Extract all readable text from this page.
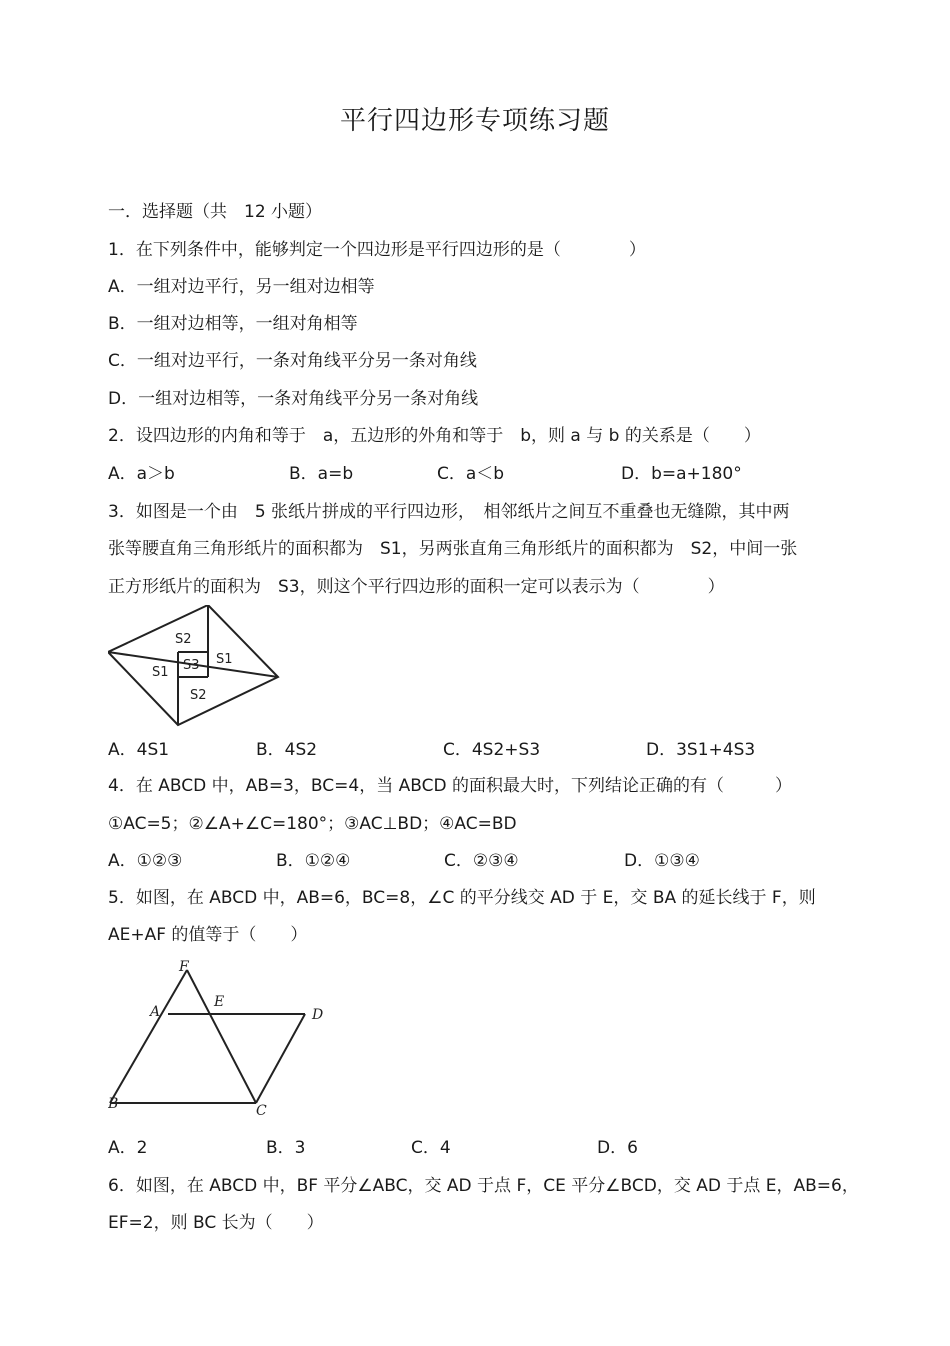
平行四边形专项练习题
一．选择题（共　12 小题）
1．在下列条件中，能够判定一个四边形是平行四边形的是（　　　　）
A．一组对边平行，另一组对边相等
B．一组对边相等，一组对角相等
C．一组对边平行，一条对角线平分另一条对角线
D．一组对边相等，一条对角线平分另一条对角线
2．设四边形的内角和等于　a，五边形的外角和等于　b，则 a 与 b 的关系是（　　）
A．a＞b	B．a=b	C．a＜b	D．b=a+180°
3．如图是一个由　5 张纸片拼成的平行四边形，　相邻纸片之间互不重叠也无缝隙，其中两
张等腰直角三角形纸片的面积都为　S1，另两张直角三角形纸片的面积都为　S2，中间一张
正方形纸片的面积为　S3，则这个平行四边形的面积一定可以表示为（　　　　）
S2
S3 S1
S1
S2
A．4S1	B．4S2	C．4S2+S3	D．3S1+4S3
4．在 ABCD 中，AB=3，BC=4，当 ABCD 的面积最大时，下列结论正确的有（　　　）
①AC=5；②∠A+∠C=180°；③AC⊥BD；④AC=BD
A．①②③	B．①②④	C．②③④	D．①③④
5．如图，在 ABCD 中，AB=6，BC=8，∠C 的平分线交 AD 于 E，交 BA 的延长线于 F，则
AE+AF 的值等于（　　）
F
A
E
D
B	C
A．2	B．3	C．4	D．6
6．如图，在 ABCD 中，BF 平分∠ABC，交 AD 于点 F，CE 平分∠BCD，交 AD 于点 E，AB=6，
EF=2，则 BC 长为（　　）
